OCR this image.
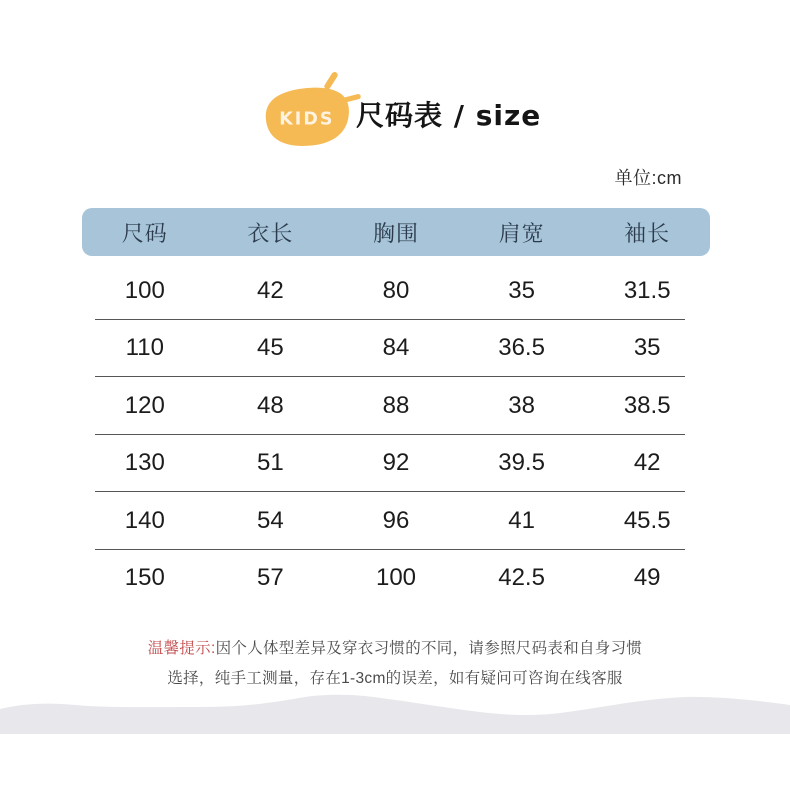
KIDS 尺码表 / size
单位:cm
尺码	衣长	胸围	肩宽	袖长
100	42	80	35	31.5
110	45	84	36.5	35
120	48	88	38	38.5
130	51	92	39.5	42
140	54	96	41	45.5
150	57	100	42.5	49
温馨提示:因个人体型差异及穿衣习惯的不同，请参照尺码表和自身习惯
选择，纯手工测量，存在1-3cm的误差，如有疑问可咨询在线客服
